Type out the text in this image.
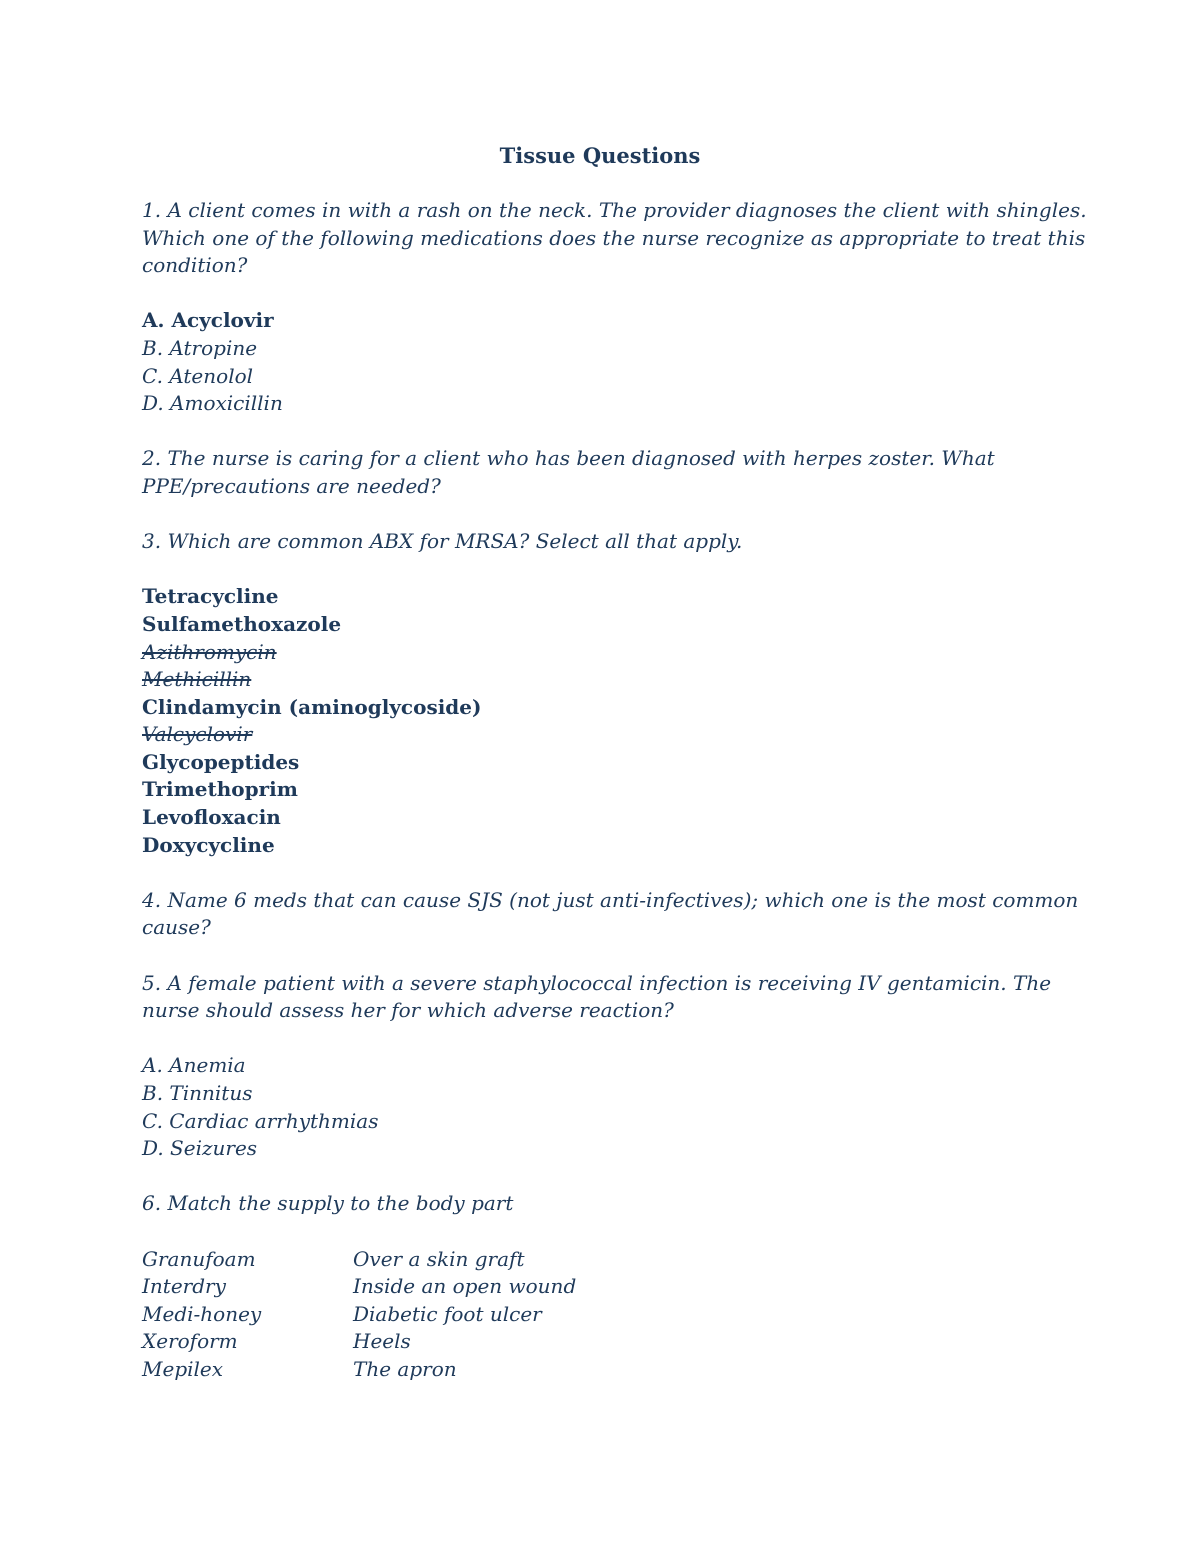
Tissue Questions
1. A client comes in with a rash on the neck. The provider diagnoses the client with shingles.
Which one of the following medications does the nurse recognize as appropriate to treat this
condition?
A. Acyclovir
B. Atropine
C. Atenolol
D. Amoxicillin
2. The nurse is caring for a client who has been diagnosed with herpes zoster. What
PPE/precautions are needed?
3. Which are common ABX for MRSA? Select all that apply.
Tetracycline
Sulfamethoxazole
Azithromycin
Methicillin
Clindamycin (aminoglycoside)
Valcyclovir
Glycopeptides
Trimethoprim
Levofloxacin
Doxycycline
4. Name 6 meds that can cause SJS (not just anti-infectives); which one is the most common
cause?
5. A female patient with a severe staphylococcal infection is receiving IV gentamicin. The
nurse should assess her for which adverse reaction?
A. Anemia
B. Tinnitus
C. Cardiac arrhythmias
D. Seizures
6. Match the supply to the body part
Granufoam	Over a skin graft
Interdry	Inside an open wound
Medi-honey	Diabetic foot ulcer
Xeroform	Heels
Mepilex	The apron
